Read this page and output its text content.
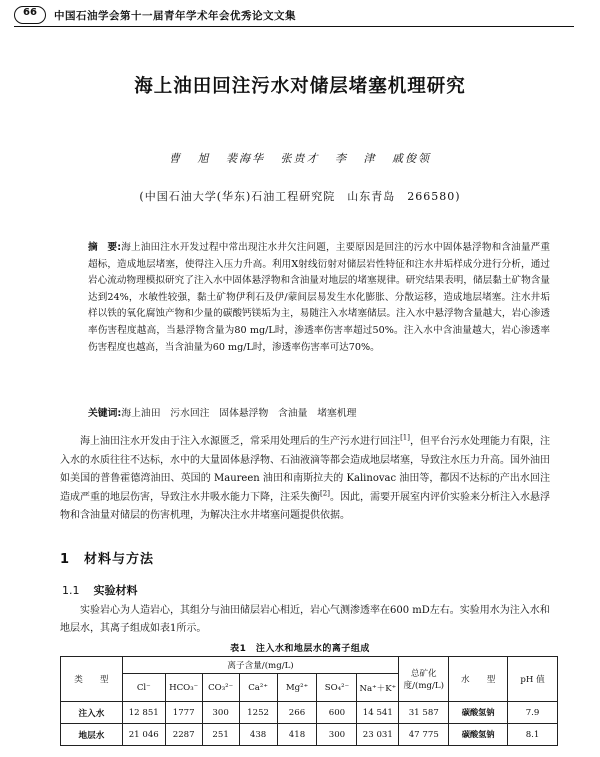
66	中国石油学会第十一届青年学术年会优秀论文文集
海上油田回注污水对储层堵塞机理研究
曹 旭 裴海华 张贵才 李 津 戚俊领
(中国石油大学(华东)石油工程研究院　山东青岛　266580)

摘　要:海上油田注水开发过程中常出现注水井欠注问题，主要原因是回注的污水中固体悬浮物和含油量严重超标，造成地层堵塞，使得注入压力升高。利用X射线衍射对储层岩性特征和注水井垢样成分进行分析，通过岩心流动物理模拟研究了注入水中固体悬浮物和含油量对地层的堵塞规律。研究结果表明，储层黏土矿物含量达到24%，水敏性较强，黏土矿物伊利石及伊/蒙间层易发生水化膨胀、分散运移，造成地层堵塞。注水井垢样以铁的氧化腐蚀产物和少量的碳酸钙镁垢为主，易随注入水堵塞储层。注入水中悬浮物含量越大，岩心渗透率伤害程度越高，当悬浮物含量为80 mg/L时，渗透率伤害率超过50%。注入水中含油量越大，岩心渗透率伤害程度也越高，当含油量为60 mg/L时，渗透率伤害率可达70%。

关键词:海上油田　污水回注　固体悬浮物　含油量　堵塞机理

海上油田注水开发由于注入水源匮乏，常采用处理后的生产污水进行回注[1]，但平台污水处理能力有限，注入水的水质往往不达标，水中的大量固体悬浮物、石油液滴等都会造成地层堵塞，导致注水压力升高。国外油田如美国的普鲁霍德湾油田、英国的 Maureen 油田和南斯拉夫的 Kalinovac 油田等，都因不达标的产出水回注造成严重的地层伤害，导致注水井吸水能力下降，注采失衡[2]。因此，需要开展室内评价实验来分析注入水悬浮物和含油量对储层的伤害机理，为解决注水井堵塞问题提供依据。

1 材料与方法
1.1 实验材料

实验岩心为人造岩心，其组分与油田储层岩心相近，岩心气测渗透率在600 mD左右。实验用水为注入水和地层水，其离子组成如表1所示。

表1　注入水和地层水的离子组成
类　　型	离子含量/(mg/L)							总矿化度/(mg/L)	水　　型	pH 值
	Cl⁻	HCO₃⁻	CO₃²⁻	Ca²⁺	Mg²⁺	SO₄²⁻	Na⁺＋K⁺			
注入水	12 851	1777	300	1252	266	600	14 541	31 587	碳酸氢钠	7.9
地层水	21 046	2287	251	438	418	300	23 031	47 775	碳酸氢钠	8.1
